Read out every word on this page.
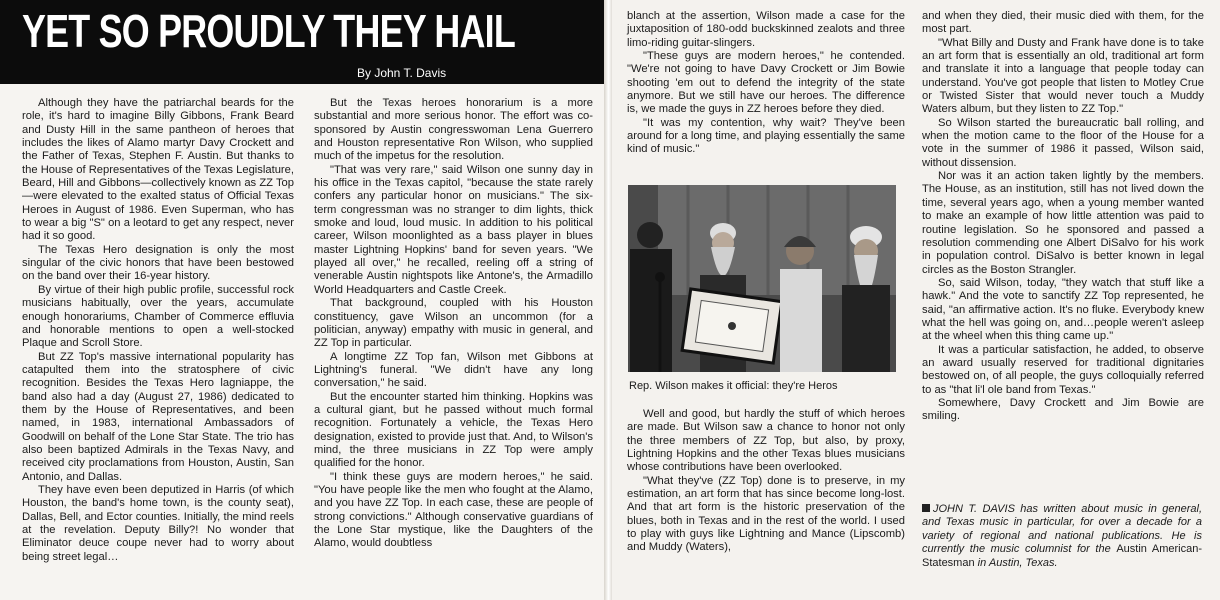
YET SO PROUDLY THEY HAIL
By John T. Davis

Although they have the patriarchal beards for the role, it's hard to imagine Billy Gibbons, Frank Beard and Dusty Hill in the same pantheon of heroes that includes the likes of Alamo martyr Davy Crockett and the Father of Texas, Stephen F. Austin. But thanks to the House of Representatives of the Texas Legislature, Beard, Hill and Gibbons—collectively known as ZZ Top—were elevated to the exalted status of Official Texas Heroes in August of 1986. Even Superman, who has to wear a big "S" on a leotard to get any respect, never had it so good.

The Texas Hero designation is only the most singular of the civic honors that have been bestowed on the band over their 16-year history.

By virtue of their high public profile, successful rock musicians habitually, over the years, accumulate enough honorariums, Chamber of Commerce effluvia and honorable mentions to open a well-stocked Plaque and Scroll Store.

But ZZ Top's massive international popularity has catapulted them into the stratosphere of civic recognition. Besides the Texas Hero lagniappe, the band also had a day (August 27, 1986) dedicated to them by the House of Representatives, and been named, in 1983, international Ambassadors of Goodwill on behalf of the Lone Star State. The trio has also been baptized Admirals in the Texas Navy, and received city proclamations from Houston, Austin, San Antonio, and Dallas.

They have even been deputized in Harris (of which Houston, the band's home town, is the county seat), Dallas, Bell, and Ector counties. Initially, the mind reels at the revelation. Deputy Billy?! No wonder that Eliminator deuce coupe never had to worry about being street legal…

But the Texas heroes honorarium is a more substantial and more serious honor. The effort was co-sponsored by Austin congresswoman Lena Guerrero and Houston representative Ron Wilson, who supplied much of the impetus for the resolution.

"That was very rare," said Wilson one sunny day in his office in the Texas capitol, "because the state rarely confers any particular honor on musicians." The six-term congressman was no stranger to dim lights, thick smoke and loud, loud music. In addition to his political career, Wilson moonlighted as a bass player in blues master Lightning Hopkins' band for seven years. "We played all over," he recalled, reeling off a string of venerable Austin nightspots like Antone's, the Armadillo World Headquarters and Castle Creek.

That background, coupled with his Houston constituency, gave Wilson an uncommon (for a politician, anyway) empathy with music in general, and ZZ Top in particular.

A longtime ZZ Top fan, Wilson met Gibbons at Lightning's funeral. "We didn't have any long conversation," he said.

But the encounter started him thinking. Hopkins was a cultural giant, but he passed without much formal recognition. Fortunately a vehicle, the Texas Hero designation, existed to provide just that. And, to Wilson's mind, the three musicians in ZZ Top were amply qualified for the honor.

"I think these guys are modern heroes," he said. "You have people like the men who fought at the Alamo, and you have ZZ Top. In each case, these are people of strong convictions." Although conservative guardians of the Lone Star mystique, like the Daughters of the Alamo, would doubtless

blanch at the assertion, Wilson made a case for the juxtaposition of 180-odd buckskinned zealots and three limo-riding guitar-slingers.

"These guys are modern heroes," he contended. "We're not going to have Davy Crockett or Jim Bowie shooting 'em out to defend the integrity of the state anymore. But we still have our heroes. The difference is, we made the guys in ZZ heroes before they died.

"It was my contention, why wait? They've been around for a long time, and playing essentially the same kind of music."

Rep. Wilson makes it official: they're Heros

Well and good, but hardly the stuff of which heroes are made. But Wilson saw a chance to honor not only the three members of ZZ Top, but also, by proxy, Lightning Hopkins and the other Texas blues musicians whose contributions have been overlooked.

"What they've (ZZ Top) done is to preserve, in my estimation, an art form that has since become long-lost. And that art form is the historic preservation of the blues, both in Texas and in the rest of the world. I used to play with guys like Lightning and Mance (Lipscomb) and Muddy (Waters),

and when they died, their music died with them, for the most part.

"What Billy and Dusty and Frank have done is to take an art form that is essentially an old, traditional art form and translate it into a language that people today can understand. You've got people that listen to Motley Crue or Twisted Sister that would never touch a Muddy Waters album, but they listen to ZZ Top."

So Wilson started the bureaucratic ball rolling, and when the motion came to the floor of the House for a vote in the summer of 1986 it passed, Wilson said, without dissension.

Nor was it an action taken lightly by the members. The House, as an institution, still has not lived down the time, several years ago, when a young member wanted to make an example of how little attention was paid to routine legislation. So he sponsored and passed a resolution commending one Albert DiSalvo for his work in population control. DiSalvo is better known in legal circles as the Boston Strangler.

So, said Wilson, today, "they watch that stuff like a hawk." And the vote to sanctify ZZ Top represented, he said, "an affirmative action. It's no fluke. Everybody knew what the hell was going on, and…people weren't asleep at the wheel when this thing came up."

It was a particular satisfaction, he added, to observe an award usually reserved for traditional dignitaries bestowed on, of all people, the guys colloquially referred to as "that li'l ole band from Texas."

Somewhere, Davy Crockett and Jim Bowie are smiling.

JOHN T. DAVIS has written about music in general, and Texas music in particular, for over a decade for a variety of regional and national publications. He is currently the music columnist for the Austin American-Statesman in Austin, Texas.
